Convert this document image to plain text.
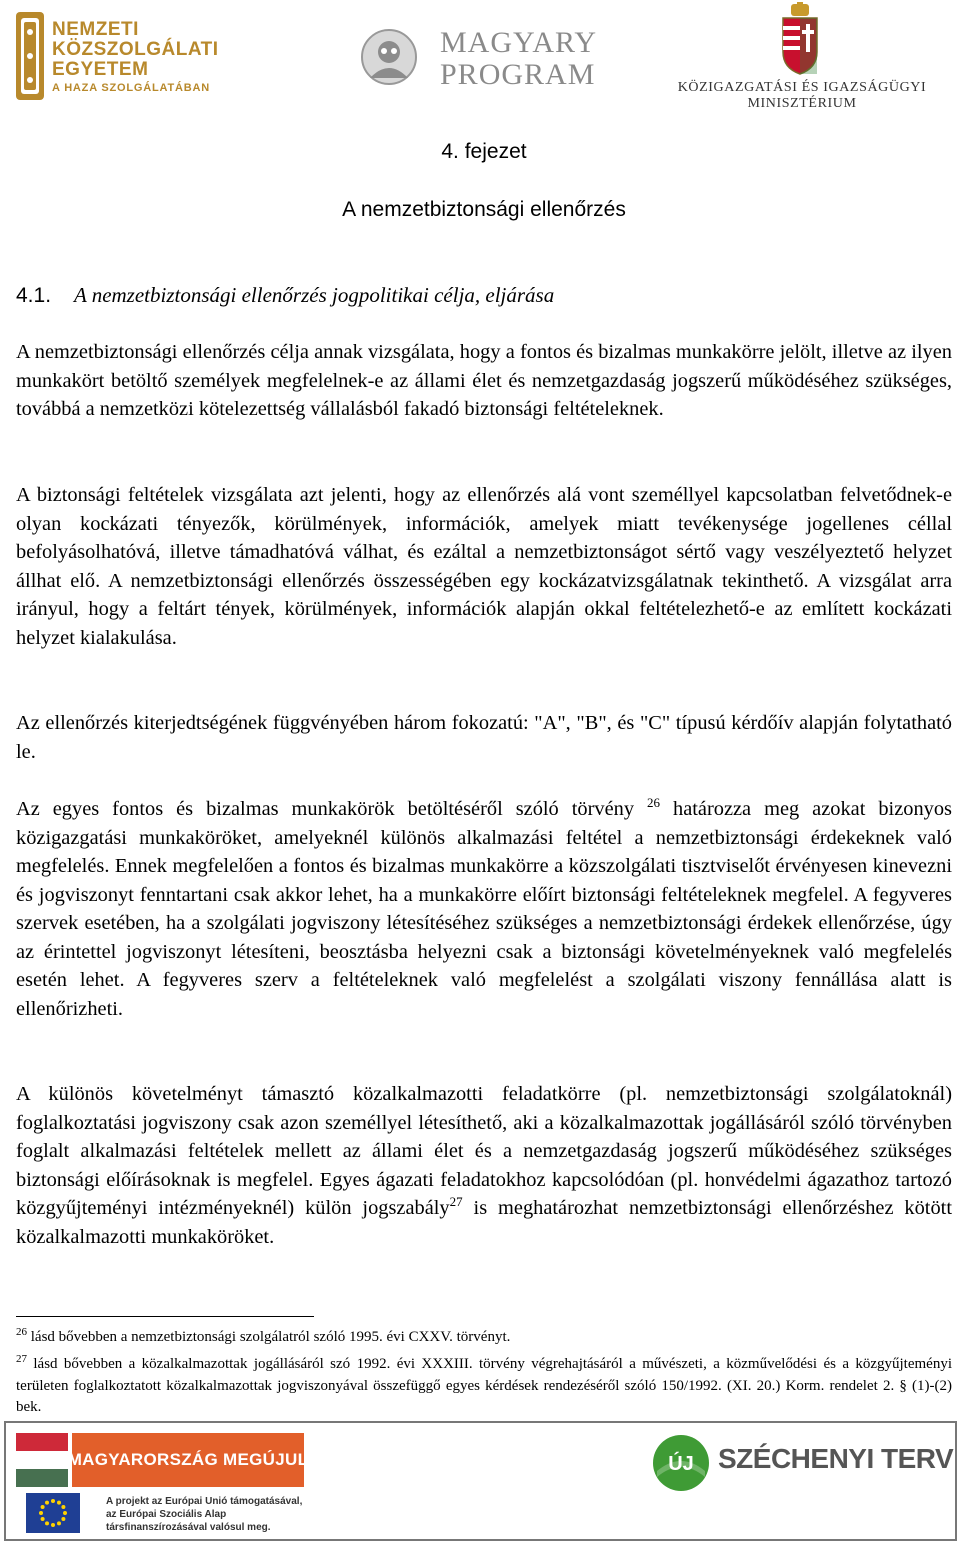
NEMZETI
KÖZSZOLGÁLATI
EGYETEM
A HAZA SZOLGÁLATÁBAN
MAGYARY
PROGRAM	KÖZIGAZGATÁSI ÉS IGAZSÁGÜGYI
MINISZTÉRIUM
4. fejezet
A nemzetbiztonsági ellenőrzés
4.1. A nemzetbiztonsági ellenőrzés jogpolitikai célja, eljárása
A nemzetbiztonsági ellenőrzés célja annak vizsgálata, hogy a fontos és bizalmas munkakörre jelölt, illetve az ilyen munkakört betöltő személyek megfelelnek-e az állami élet és nemzetgazdaság jogszerű működéséhez szükséges, továbbá a nemzetközi kötelezettség vállalásból fakadó biztonsági feltételeknek.
A biztonsági feltételek vizsgálata azt jelenti, hogy az ellenőrzés alá vont személlyel kapcsolatban felvetődnek-e olyan kockázati tényezők, körülmények, információk, amelyek miatt tevékenysége jogellenes céllal befolyásolhatóvá, illetve támadhatóvá válhat, és ezáltal a nemzetbiztonságot sértő vagy veszélyeztető helyzet állhat elő. A nemzetbiztonsági ellenőrzés összességében egy kockázatvizsgálatnak tekinthető. A vizsgálat arra irányul, hogy a feltárt tények, körülmények, információk alapján okkal feltételezhető-e az említett kockázati helyzet kialakulása.
Az ellenőrzés kiterjedtségének függvényében három fokozatú: "A", "B", és "C" típusú kérdőív alapján folytatható le.
Az egyes fontos és bizalmas munkakörök betöltéséről szóló törvény $^{26}$ határozza meg azokat bizonyos közigazgatási munkaköröket, amelyeknél különös alkalmazási feltétel a nemzetbiztonsági érdekeknek való megfelelés. Ennek megfelelően a fontos és bizalmas munkakörre a közszolgálati tisztviselőt érvényesen kinevezni és jogviszonyt fenntartani csak akkor lehet, ha a munkakörre előírt biztonsági feltételeknek megfelel. A fegyveres szervek esetében, ha a szolgálati jogviszony létesítéséhez szükséges a nemzetbiztonsági érdekek ellenőrzése, úgy az érintettel jogviszonyt létesíteni, beosztásba helyezni csak a biztonsági követelményeknek való megfelelés esetén lehet. A fegyveres szerv a feltételeknek való megfelelést a szolgálati viszony fennállása alatt is ellenőrizheti.
A különös követelményt támasztó közalkalmazotti feladatkörre (pl. nemzetbiztonsági szolgálatoknál) foglalkoztatási jogviszony csak azon személlyel létesíthető, aki a közalkalmazottak jogállásáról szóló törvényben foglalt alkalmazási feltételek mellett az állami élet és a nemzetgazdaság jogszerű működéséhez szükséges biztonsági előírásoknak is megfelel. Egyes ágazati feladatokhoz kapcsolódóan (pl. honvédelmi ágazathoz tartozó közgyűjteményi intézményeknél) külön jogszabály$^{27}$ is meghatározhat nemzetbiztonsági ellenőrzéshez kötött közalkalmazotti munkaköröket.
$^{26}$ lásd bővebben a nemzetbiztonsági szolgálatról szóló 1995. évi CXXV. törvényt.
$^{27}$ lásd bővebben a közalkalmazottak jogállásáról szó 1992. évi XXXIII. törvény végrehajtásáról a művészeti, a közművelődési és a közgyűjteményi területen foglalkoztatott közalkalmazottak jogviszonyával összefüggő egyes kérdések rendezéséről szóló 150/1992. (XI. 20.) Korm. rendelet 2. § (1)-(2) bek.
MAGYARORSZÁG MEGÚJUL
A projekt az Európai Unió támogatásával,
az Európai Szociális Alap
társfinanszírozásával valósul meg.
ÚJ SZÉCHENYI TERV
